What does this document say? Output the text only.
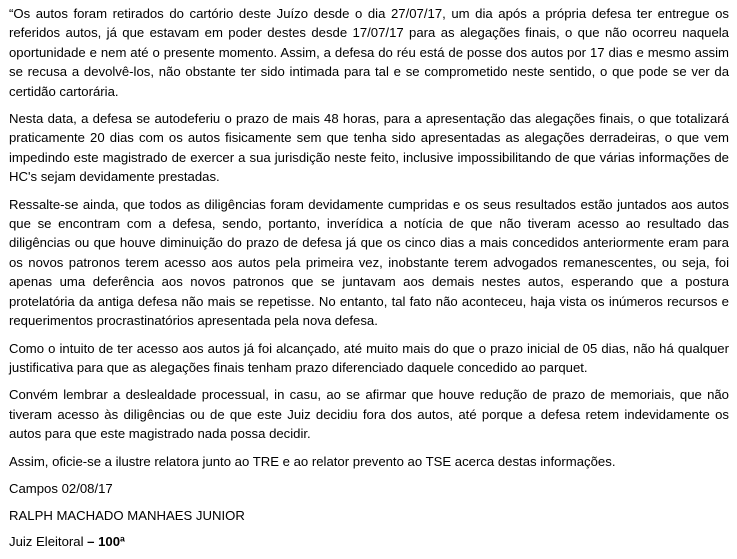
“Os autos foram retirados do cartório deste Juízo desde o dia 27/07/17, um dia após a própria defesa ter entregue os referidos autos, já que estavam em poder destes desde 17/07/17 para as alegações finais, o que não ocorreu naquela oportunidade e nem até o presente momento. Assim, a defesa do réu está de posse dos autos por 17 dias e mesmo assim se recusa a devolvê-los, não obstante ter sido intimada para tal e se comprometido neste sentido, o que pode se ver da certidão cartorária.

Nesta data, a defesa se autodeferiu o prazo de mais 48 horas, para a apresentação das alegações finais, o que totalizará praticamente 20 dias com os autos fisicamente sem que tenha sido apresentadas as alegações derradeiras, o que vem impedindo este magistrado de exercer a sua jurisdição neste feito, inclusive impossibilitando de que várias informações de HC's sejam devidamente prestadas.

Ressalte-se ainda, que todos as diligências foram devidamente cumpridas e os seus resultados estão juntados aos autos que se encontram com a defesa, sendo, portanto, inverídica a notícia de que não tiveram acesso ao resultado das diligências ou que houve diminuição do prazo de defesa já que os cinco dias a mais concedidos anteriormente eram para os novos patronos terem acesso aos autos pela primeira vez, inobstante terem advogados remanescentes, ou seja, foi apenas uma deferência aos novos patronos que se juntavam aos demais nestes autos, esperando que a postura protelatória da antiga defesa não mais se repetisse. No entanto, tal fato não aconteceu, haja vista os inúmeros recursos e requerimentos procrastinatórios apresentada pela nova defesa.

Como o intuito de ter acesso aos autos já foi alcançado, até muito mais do que o prazo inicial de 05 dias, não há qualquer justificativa para que as alegações finais tenham prazo diferenciado daquele concedido ao parquet.

Convém lembrar a deslealdade processual, in casu, ao se afirmar que houve redução de prazo de memoriais, que não tiveram acesso às diligências ou de que este Juiz decidiu fora dos autos, até porque a defesa retem indevidamente os autos para que este magistrado nada possa decidir.

Assim, oficie-se a ilustre relatora junto ao TRE e ao relator prevento ao TSE acerca destas informações.

Campos 02/08/17
RALPH MACHADO MANHAES JUNIOR
Juiz Eleitoral – 100ª
